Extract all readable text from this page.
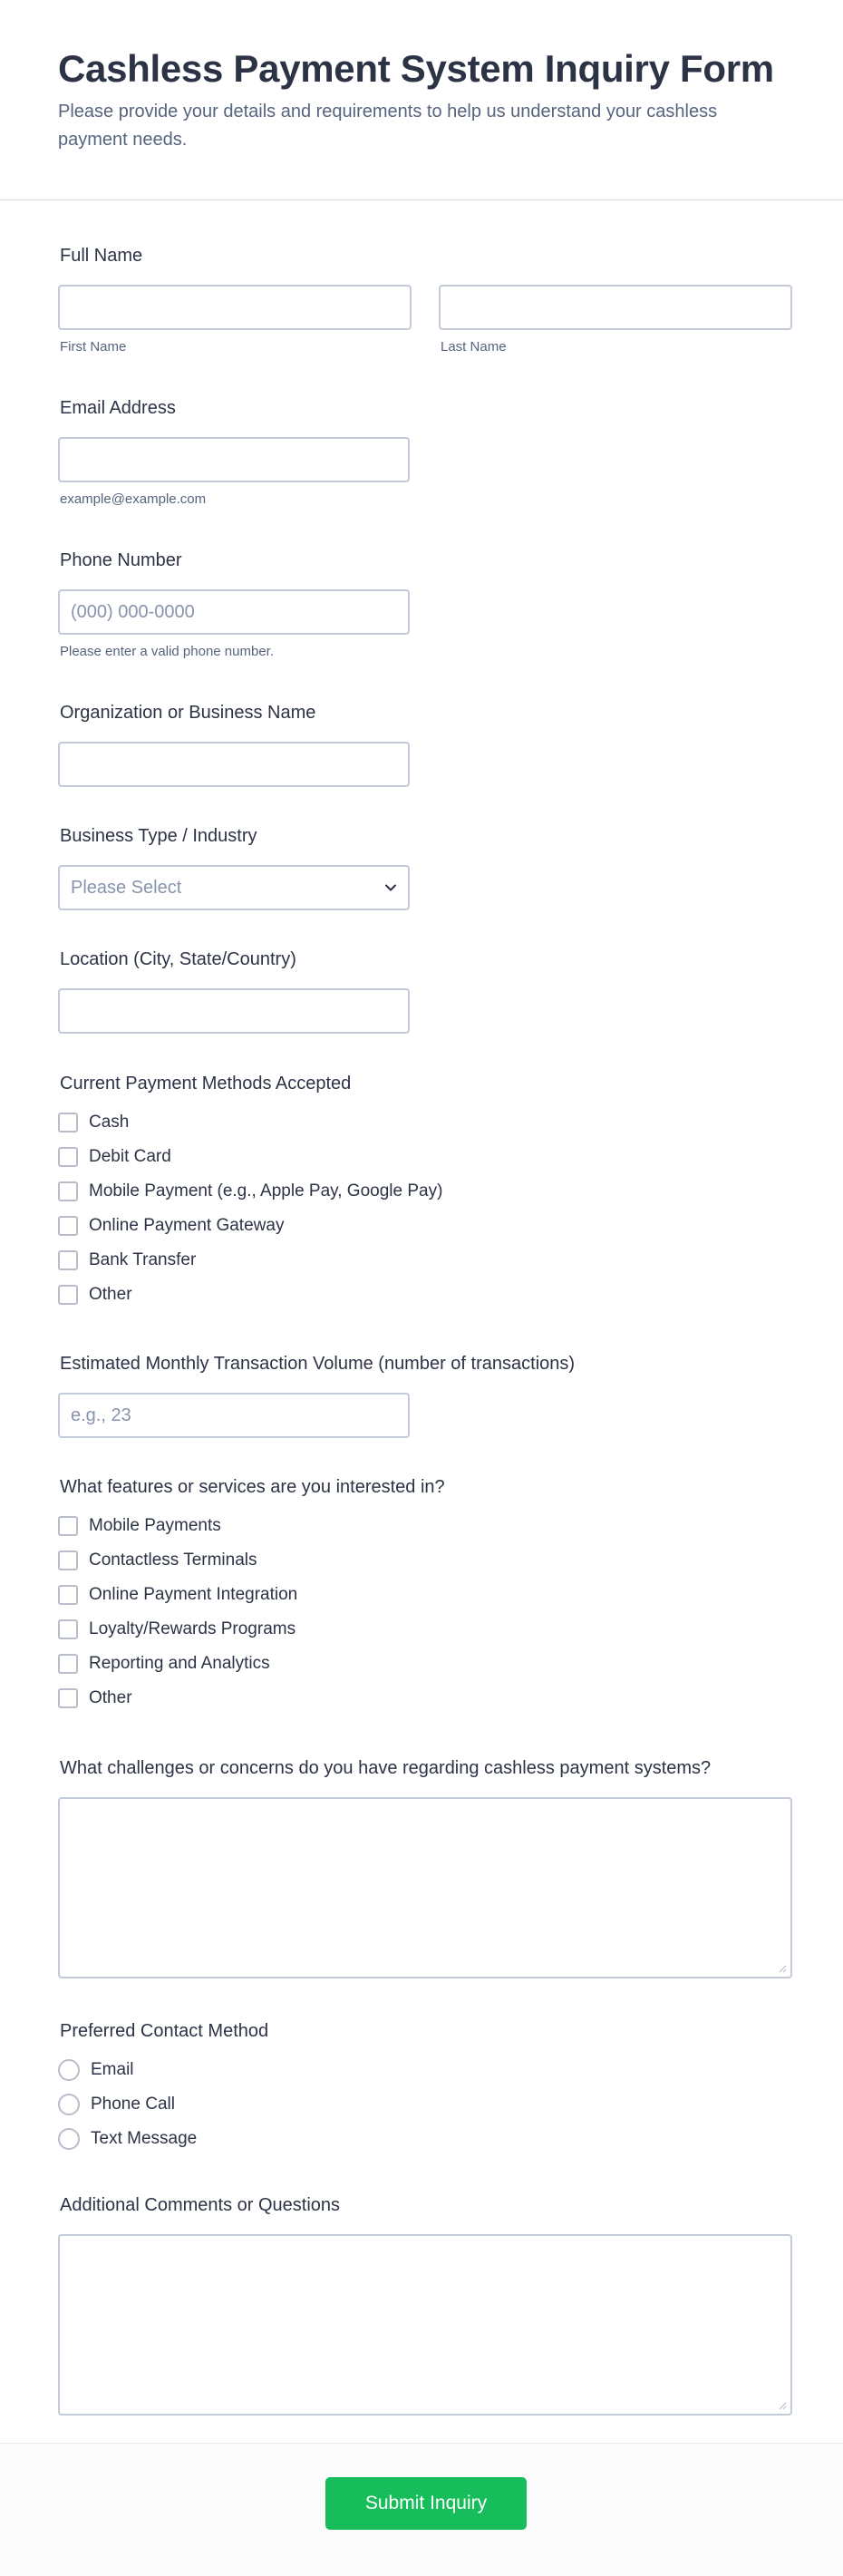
Cashless Payment System Inquiry Form
Please provide your details and requirements to help us understand your cashless payment needs.
Full Name
First Name	Last Name
Email Address
example@example.com
Phone Number
(000) 000-0000
Please enter a valid phone number.
Organization or Business Name
Business Type / Industry
Please Select
Location (City, State/Country)
Current Payment Methods Accepted
Cash
Debit Card
Mobile Payment (e.g., Apple Pay, Google Pay)
Online Payment Gateway
Bank Transfer
Other
Estimated Monthly Transaction Volume (number of transactions)
e.g., 23
What features or services are you interested in?
Mobile Payments
Contactless Terminals
Online Payment Integration
Loyalty/Rewards Programs
Reporting and Analytics
Other
What challenges or concerns do you have regarding cashless payment systems?
Preferred Contact Method
Email
Phone Call
Text Message
Additional Comments or Questions
Submit Inquiry
